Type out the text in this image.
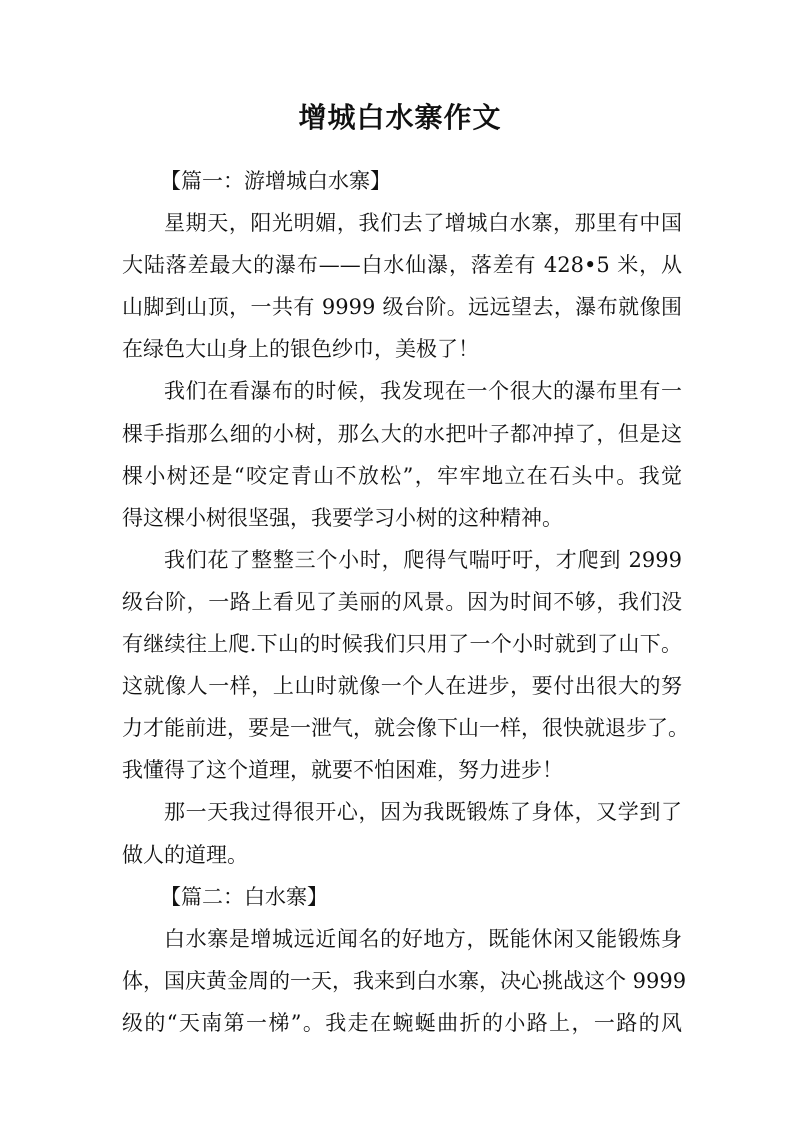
增城白水寨作文
【篇一：游增城白水寨】
星期天，阳光明媚，我们去了增城白水寨，那里有中国
大陆落差最大的瀑布——白水仙瀑，落差有 428•5 米，从
山脚到山顶，一共有 9999 级台阶。远远望去，瀑布就像围
在绿色大山身上的银色纱巾，美极了！
我们在看瀑布的时候，我发现在一个很大的瀑布里有一
棵手指那么细的小树，那么大的水把叶子都冲掉了，但是这
棵小树还是“咬定青山不放松”，牢牢地立在石头中。我觉
得这棵小树很坚强，我要学习小树的这种精神。
我们花了整整三个小时，爬得气喘吁吁，才爬到 2999
级台阶，一路上看见了美丽的风景。因为时间不够，我们没
有继续往上爬.下山的时候我们只用了一个小时就到了山下。
这就像人一样，上山时就像一个人在进步，要付出很大的努
力才能前进，要是一泄气，就会像下山一样，很快就退步了。
我懂得了这个道理，就要不怕困难，努力进步！
那一天我过得很开心，因为我既锻炼了身体，又学到了
做人的道理。
【篇二：白水寨】
白水寨是增城远近闻名的好地方，既能休闲又能锻炼身
体，国庆黄金周的一天，我来到白水寨，决心挑战这个 9999
级的“天南第一梯”。我走在蜿蜒曲折的小路上，一路的风
